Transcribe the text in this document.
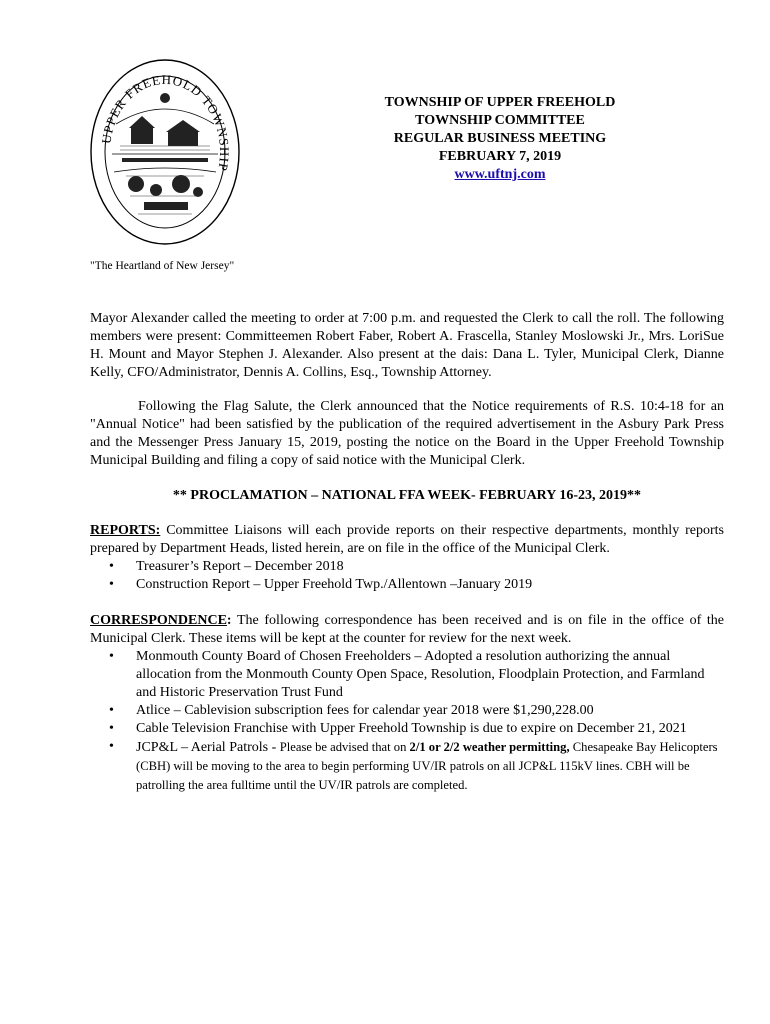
UPPER FREEHOLD TOWNSHIP
TOWNSHIP OF UPPER FREEHOLD
TOWNSHIP COMMITTEE
REGULAR BUSINESS MEETING
FEBRUARY 7, 2019
www.uftnj.com
"The Heartland of New Jersey"
Mayor Alexander called the meeting to order at 7:00 p.m. and requested the Clerk to call the roll. The following members were present: Committeemen Robert Faber, Robert A. Frascella, Stanley Moslowski Jr., Mrs. LoriSue H. Mount and Mayor Stephen J. Alexander. Also present at the dais: Dana L. Tyler, Municipal Clerk, Dianne Kelly, CFO/Administrator, Dennis A. Collins, Esq., Township Attorney.
Following the Flag Salute, the Clerk announced that the Notice requirements of R.S. 10:4-18 for an "Annual Notice" had been satisfied by the publication of the required advertisement in the Asbury Park Press and the Messenger Press January 15, 2019, posting the notice on the Board in the Upper Freehold Township Municipal Building and filing a copy of said notice with the Municipal Clerk.
** PROCLAMATION – NATIONAL FFA WEEK- FEBRUARY 16-23, 2019**
REPORTS: Committee Liaisons will each provide reports on their respective departments, monthly reports prepared by Department Heads, listed herein, are on file in the office of the Municipal Clerk.
• Treasurer’s Report – December 2018
• Construction Report – Upper Freehold Twp./Allentown –January 2019
CORRESPONDENCE: The following correspondence has been received and is on file in the office of the Municipal Clerk. These items will be kept at the counter for review for the next week.
• Monmouth County Board of Chosen Freeholders – Adopted a resolution authorizing the annual allocation from the Monmouth County Open Space, Resolution, Floodplain Protection, and Farmland and Historic Preservation Trust Fund
• Atlice – Cablevision subscription fees for calendar year 2018 were $1,290,228.00
• Cable Television Franchise with Upper Freehold Township is due to expire on December 21, 2021
• JCP&L – Aerial Patrols - Please be advised that on 2/1 or 2/2 weather permitting, Chesapeake Bay Helicopters (CBH) will be moving to the area to begin performing UV/IR patrols on all JCP&L 115kV lines. CBH will be patrolling the area fulltime until the UV/IR patrols are completed.
